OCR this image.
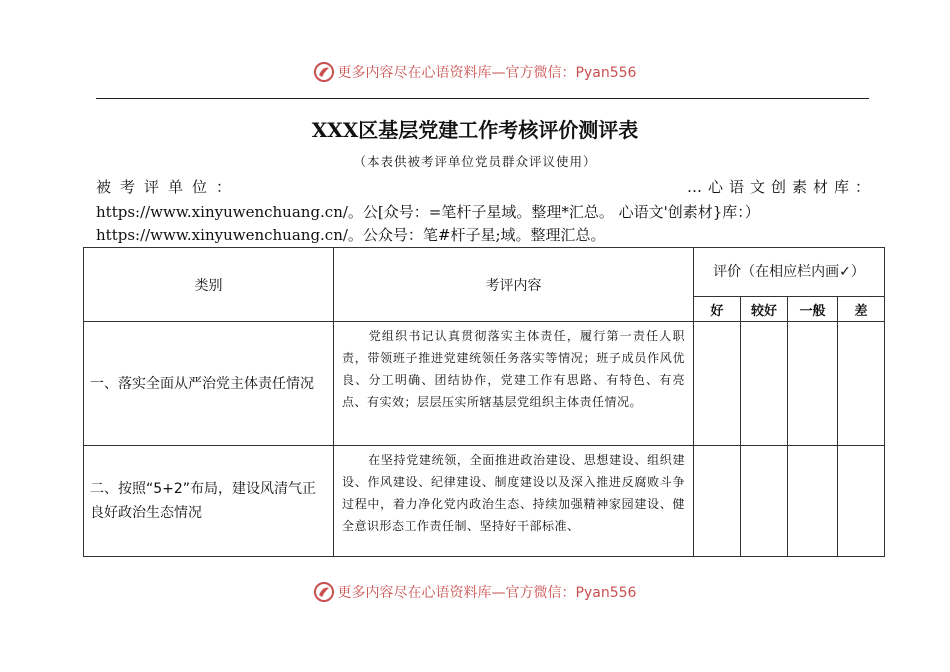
更多内容尽在心语资料库—官方微信：Pyan556
XXX区基层党建工作考核评价测评表
（本表供被考评单位党员群众评议使用）
被考评单位：	…心语文创素材库：
https://www.xinyuwenchuang.cn/。公[众号：=笔杆子星域。整理*汇总。 心语文'创素材}库：）
https://www.xinyuwenchuang.cn/。公众号：笔#杆子星;域。整理汇总。
类别	考评内容	评价（在相应栏内画✓）			
		好	较好	一般	差
一、落实全面从严治党主体责任情况	党组织书记认真贯彻落实主体责任，履行第一责任人职责，带领班子推进党建统领任务落实等情况；班子成员作风优良、分工明确、团结协作，党建工作有思路、有特色、有亮点、有实效；层层压实所辖基层党组织主体责任情况。				
二、按照“5+2”布局，建设风清气正良好政治生态情况	在坚持党建统领，全面推进政治建设、思想建设、组织建设、作风建设、纪律建设、制度建设以及深入推进反腐败斗争过程中，着力净化党内政治生态、持续加强精神家园建设、健全意识形态工作责任制、坚持好干部标准、				
更多内容尽在心语资料库—官方微信：Pyan556
